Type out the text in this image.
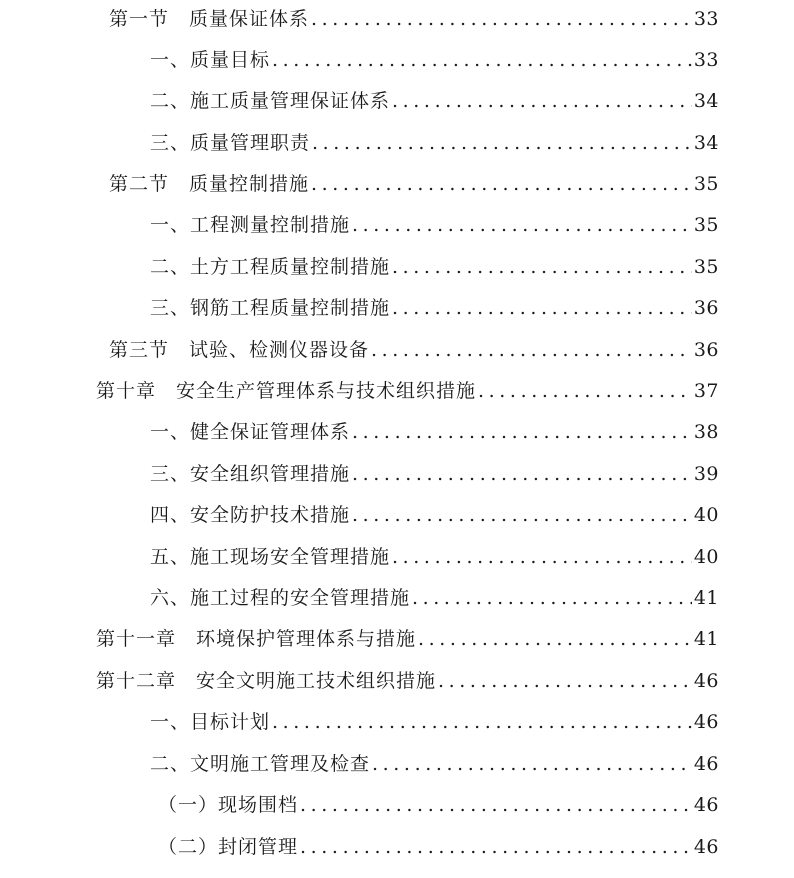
第一节　质量保证体系 .....	33
一、质量目标 .....	33
二、施工质量管理保证体系 .....	34
三、质量管理职责 .....	34
第二节　质量控制措施 .....	35
一、工程测量控制措施 .....	35
二、土方工程质量控制措施 .....	35
三、钢筋工程质量控制措施 .....	36
第三节　试验、检测仪器设备 .....	36
第十章　安全生产管理体系与技术组织措施 .....	37
一、健全保证管理体系 .....	38
三、安全组织管理措施 .....	39
四、安全防护技术措施 .....	40
五、施工现场安全管理措施 .....	40
六、施工过程的安全管理措施 .....	41
第十一章　环境保护管理体系与措施 .....	41
第十二章　安全文明施工技术组织措施 .....	46
一、目标计划 .....	46
二、文明施工管理及检查 .....	46
（一）现场围档 .....	46
（二）封闭管理 .....	46
